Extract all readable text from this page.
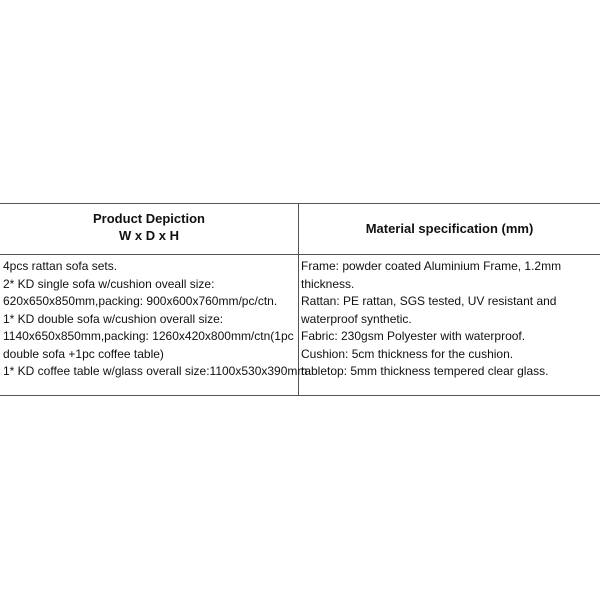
Product Depiction
W x D x H	Material specification (mm)
4pcs rattan sofa sets.
2* KD single sofa w/cushion oveall size:
620x650x850mm,packing: 900x600x760mm/pc/ctn.
1* KD double sofa w/cushion overall size:
1140x650x850mm,packing: 1260x420x800mm/ctn(1pc
double sofa +1pc coffee table)
1* KD coffee table w/glass overall size:1100x530x390mm
Frame: powder coated Aluminium Frame, 1.2mm
thickness.
Rattan: PE rattan, SGS tested, UV resistant and
waterproof synthetic.
Fabric: 230gsm Polyester with waterproof.
Cushion: 5cm thickness for the cushion.
tabletop: 5mm thickness tempered clear glass.
